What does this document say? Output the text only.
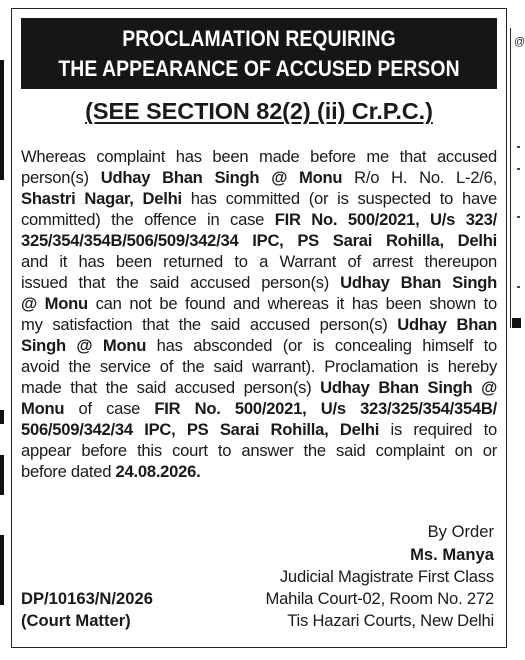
@
PROCLAMATION REQUIRING
THE APPEARANCE OF ACCUSED PERSON
(SEE SECTION 82(2) (ii) Cr.P.C.)
Whereas complaint has been made before me that accused
person(s) Udhay Bhan Singh @ Monu R/o H. No. L-2/6,
Shastri Nagar, Delhi has committed (or is suspected to have
committed) the offence in case FIR No. 500/2021, U/s 323/
325/354/354B/506/509/342/34 IPC, PS Sarai Rohilla, Delhi
and it has been returned to a Warrant of arrest thereupon
issued that the said accused person(s) Udhay Bhan Singh
@ Monu can not be found and whereas it has been shown to
my satisfaction that the said accused person(s) Udhay Bhan
Singh @ Monu has absconded (or is concealing himself to
avoid the service of the said warrant). Proclamation is hereby
made that the said accused person(s) Udhay Bhan Singh @
Monu of case FIR No. 500/2021, U/s 323/325/354/354B/
506/509/342/34 IPC, PS Sarai Rohilla, Delhi is required to
appear before this court to answer the said complaint on or
before dated 24.08.2026.
By Order
Ms. Manya
Judicial Magistrate First Class
Mahila Court-02, Room No. 272
Tis Hazari Courts, New Delhi
DP/10163/N/2026
(Court Matter)
